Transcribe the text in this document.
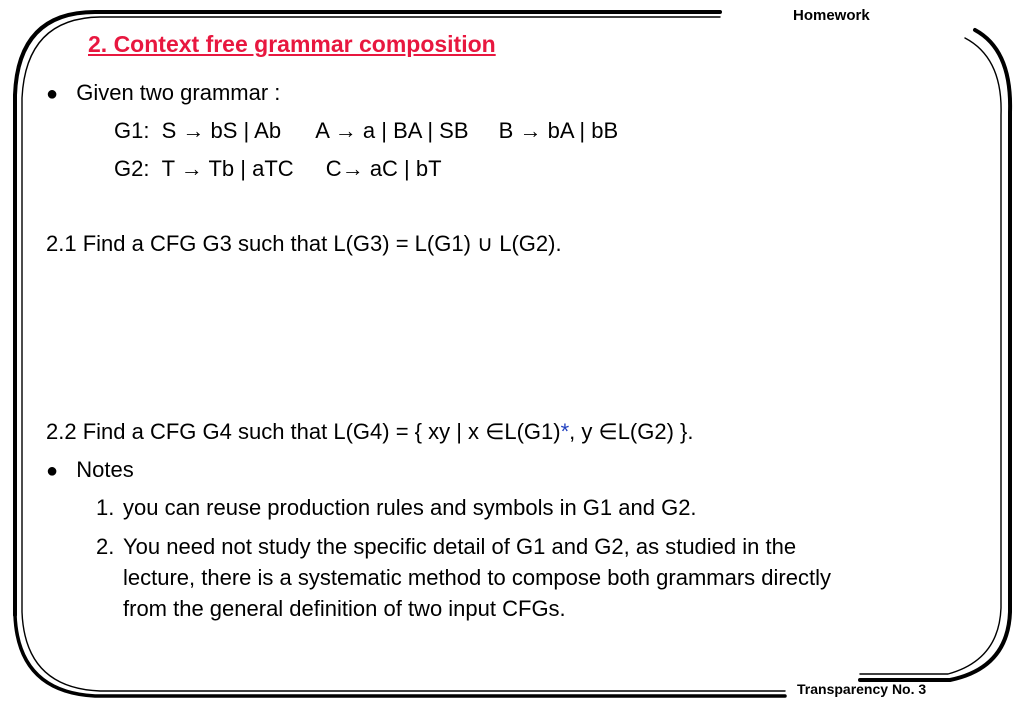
Homework
2. Context free grammar composition
● Given two grammar :
G1: S → bS | Ab A → a | BA | SB B → bA | bB
G2: T → Tb | aTC C→ aC | bT
2.1 Find a CFG G3 such that L(G3) = L(G1) ∪ L(G2).
2.2 Find a CFG G4 such that L(G4) = { xy | x ∈L(G1)*, y ∈L(G2) }.
● Notes
1. you can reuse production rules and symbols in G1 and G2.
2. You need not study the specific detail of G1 and G2, as studied in the
lecture, there is a systematic method to compose both grammars directly
from the general definition of two input CFGs.
Transparency No. 3
